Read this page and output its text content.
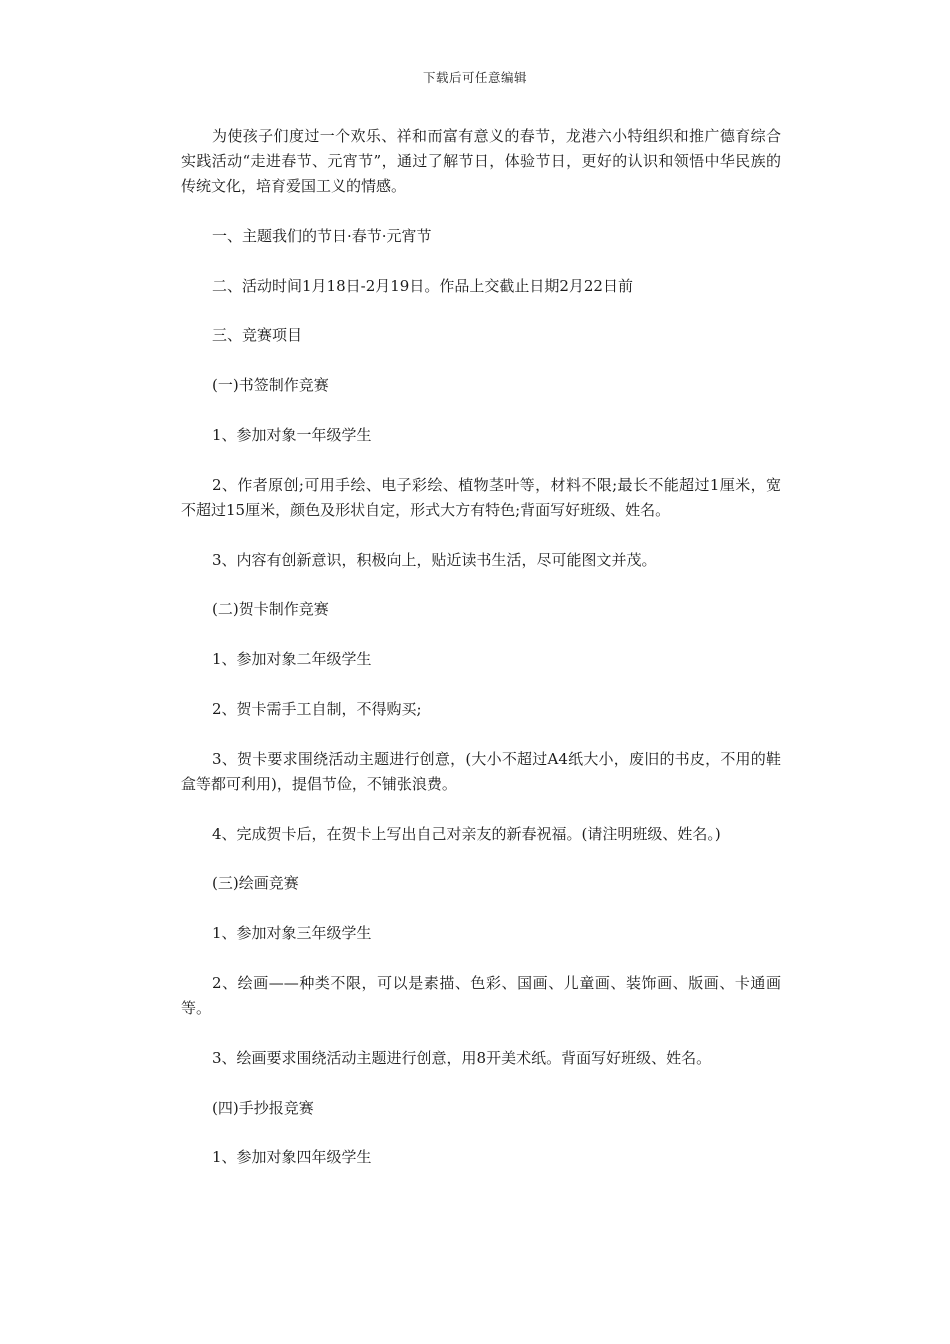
下载后可任意编辑

为使孩子们度过一个欢乐、祥和而富有意义的春节，龙港六小特组织和推广德育综合实践活动“走进春节、元宵节”，通过了解节日，体验节日，更好的认识和领悟中华民族的传统文化，培育爱国工义的情感。

一、主题我们的节日·春节·元宵节

二、活动时间1月18日-2月19日。作品上交截止日期2月22日前

三、竞赛项目

(一)书签制作竞赛

1、参加对象一年级学生

2、作者原创;可用手绘、电子彩绘、植物茎叶等，材料不限;最长不能超过1厘米，宽不超过15厘米，颜色及形状自定，形式大方有特色;背面写好班级、姓名。

3、内容有创新意识，积极向上，贴近读书生活，尽可能图文并茂。

(二)贺卡制作竞赛

1、参加对象二年级学生

2、贺卡需手工自制，不得购买;

3、贺卡要求围绕活动主题进行创意，(大小不超过A4纸大小，废旧的书皮，不用的鞋盒等都可利用)，提倡节俭，不铺张浪费。

4、完成贺卡后，在贺卡上写出自己对亲友的新春祝福。(请注明班级、姓名。)

(三)绘画竞赛

1、参加对象三年级学生

2、绘画——种类不限，可以是素描、色彩、国画、儿童画、装饰画、版画、卡通画等。

3、绘画要求围绕活动主题进行创意，用8开美术纸。背面写好班级、姓名。

(四)手抄报竞赛

1、参加对象四年级学生
